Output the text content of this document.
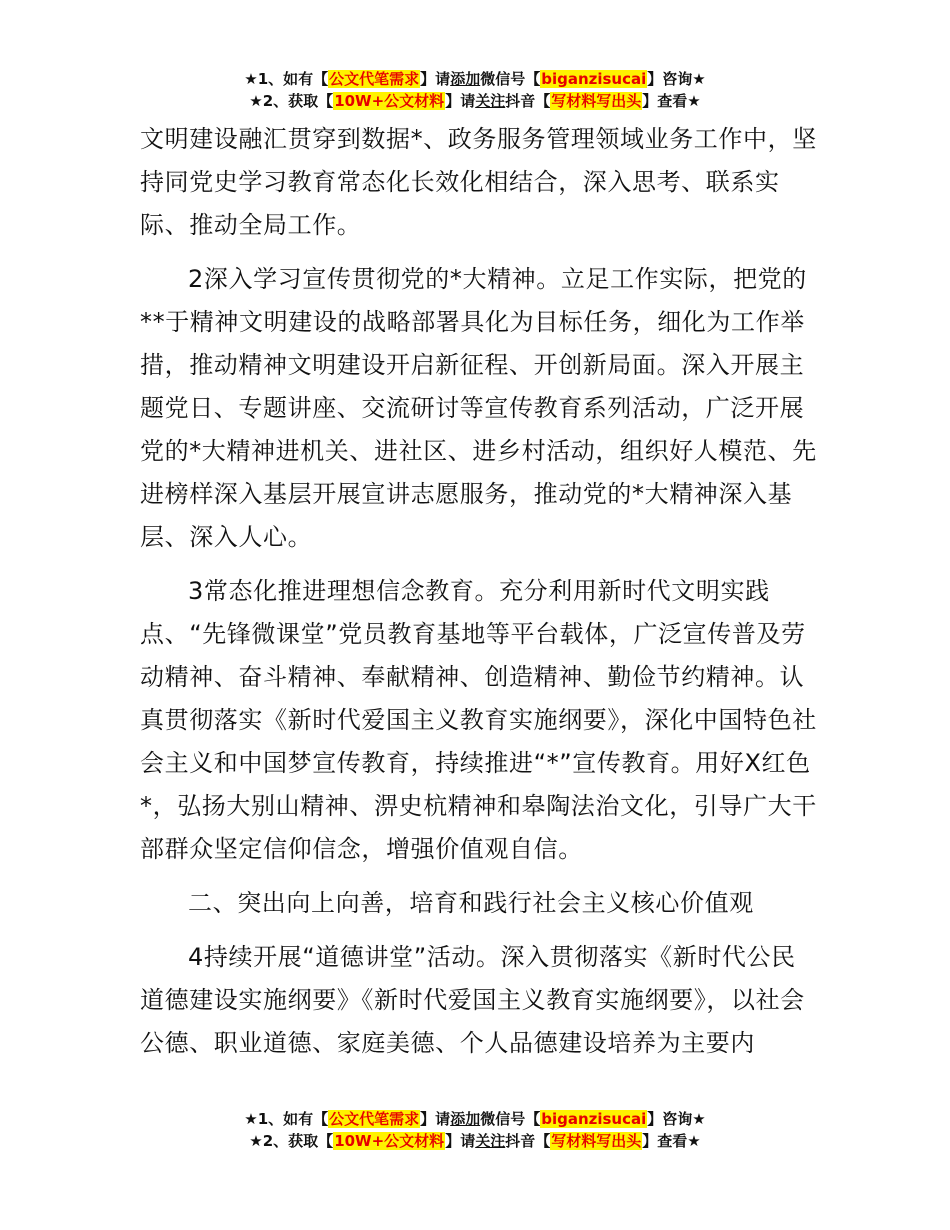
★1、如有【公文代笔需求】请添加微信号【biganzisucai】咨询★
★2、获取【10W+公文材料】请关注抖音【写材料写出头】查看★

文明建设融汇贯穿到数据*、政务服务管理领域业务工作中，坚持同党史学习教育常态化长效化相结合，深入思考、联系实际、推动全局工作。

2深入学习宣传贯彻党的*大精神。立足工作实际，把党的**于精神文明建设的战略部署具化为目标任务，细化为工作举措，推动精神文明建设开启新征程、开创新局面。深入开展主题党日、专题讲座、交流研讨等宣传教育系列活动，广泛开展党的*大精神进机关、进社区、进乡村活动，组织好人模范、先进榜样深入基层开展宣讲志愿服务，推动党的*大精神深入基层、深入人心。

3常态化推进理想信念教育。充分利用新时代文明实践点、“先锋微课堂”党员教育基地等平台载体，广泛宣传普及劳动精神、奋斗精神、奉献精神、创造精神、勤俭节约精神。认真贯彻落实《新时代爱国主义教育实施纲要》，深化中国特色社会主义和中国梦宣传教育，持续推进“*”宣传教育。用好X红色*，弘扬大别山精神、淠史杭精神和皋陶法治文化，引导广大干部群众坚定信仰信念，增强价值观自信。

二、突出向上向善，培育和践行社会主义核心价值观

4持续开展“道德讲堂”活动。深入贯彻落实《新时代公民道德建设实施纲要》《新时代爱国主义教育实施纲要》，以社会公德、职业道德、家庭美德、个人品德建设培养为主要内

★1、如有【公文代笔需求】请添加微信号【biganzisucai】咨询★
★2、获取【10W+公文材料】请关注抖音【写材料写出头】查看★
